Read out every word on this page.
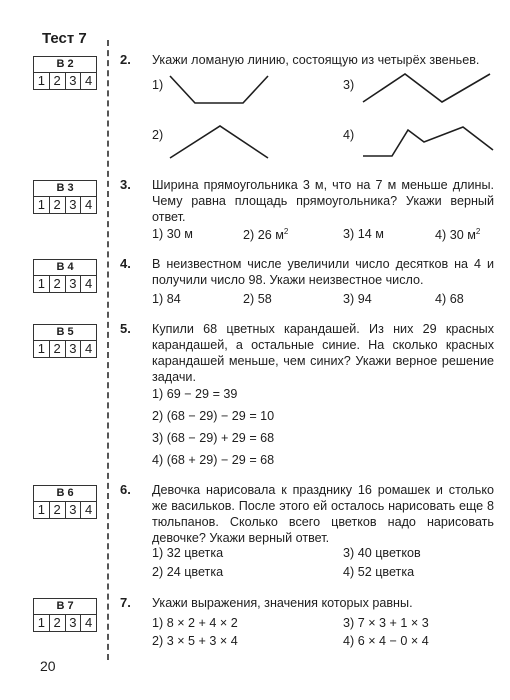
Тест 7
В 2
1 2 3 4
В 3
1 2 3 4
В 4
1 2 3 4
В 5
1 2 3 4
В 6
1 2 3 4
В 7
1 2 3 4
2. Укажи ломаную линию, состоящую из четырёх звеньев.
1)
2)
3)
4)
3. Ширина прямоугольника 3 м, что на 7 м меньше длины. Чему равна площадь прямоугольника? Укажи верный ответ.
1) 30 м	2) 26 $м^2$	3) 14 м	4) 30 $м^2$
4. В неизвестном числе увеличили число десятков на 4 и получили число 98. Укажи неизвестное число.
1) 84	2) 58	3) 94	4) 68
5. Купили 68 цветных карандашей. Из них 29 красных карандашей, а остальные синие. На сколько красных карандашей меньше, чем синих? Укажи верное решение задачи.
1) 69 − 29 = 39
2) (68 − 29) − 29 = 10
3) (68 − 29) + 29 = 68
4) (68 + 29) − 29 = 68
6. Девочка нарисовала к празднику 16 ромашек и столько же васильков. После этого ей осталось нарисовать еще 8 тюльпанов. Сколько всего цветков надо нарисовать девочке? Укажи верный ответ.
1) 32 цветка
2) 24 цветка
3) 40 цветков
4) 52 цветка
7. Укажи выражения, значения которых равны.
1) 8 × 2 + 4 × 2
2) 3 × 5 + 3 × 4
3) 7 × 3 + 1 × 3
4) 6 × 4 − 0 × 4
20
